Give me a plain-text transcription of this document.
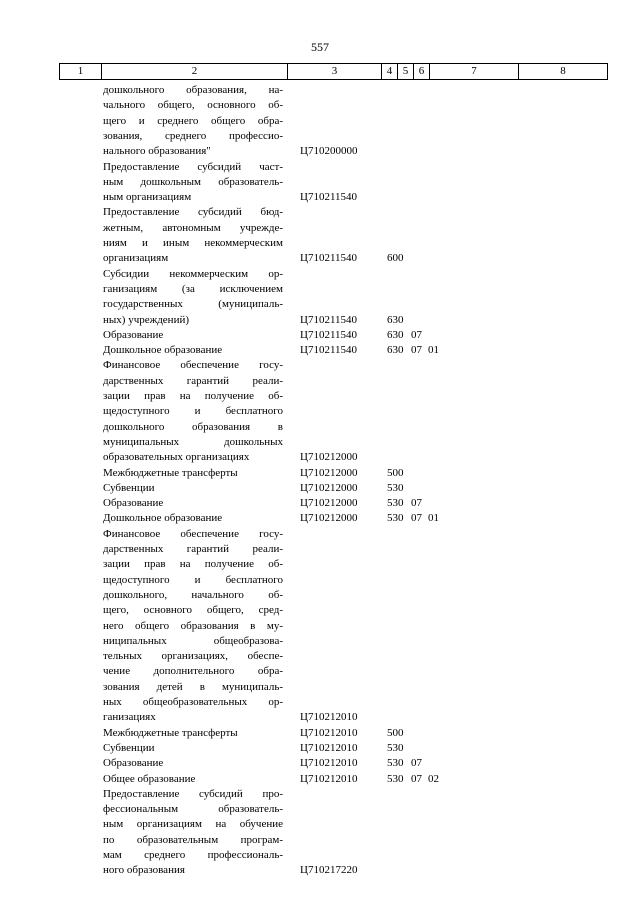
557
1	2	3	4	5	6	7	8
дошкольного образования, на-
чального общего, основного об-
щего и среднего общего обра-
зования, среднего профессио-
нального образования"	Ц710200000
Предоставление субсидий част-
ным дошкольным образователь-
ным организациям	Ц710211540
Предоставление субсидий бюд-
жетным, автономным учрежде-
ниям и иным некоммерческим
организациям	Ц710211540	600
Субсидии некоммерческим ор-
ганизациям (за исключением
государственных (муниципаль-
ных) учреждений)	Ц710211540	630
Образование	Ц710211540	630 07
Дошкольное образование	Ц710211540	630 07 01
Финансовое обеспечение госу-
дарственных гарантий реали-
зации прав на получение об-
щедоступного и бесплатного
дошкольного образования в
муниципальных дошкольных
образовательных организациях	Ц710212000
Межбюджетные трансферты	Ц710212000	500
Субвенции	Ц710212000	530
Образование	Ц710212000	530 07
Дошкольное образование	Ц710212000	530 07 01
Финансовое обеспечение госу-
дарственных гарантий реали-
зации прав на получение об-
щедоступного и бесплатного
дошкольного, начального об-
щего, основного общего, сред-
него общего образования в му-
ниципальных общеобразова-
тельных организациях, обеспе-
чение дополнительного обра-
зования детей в муниципаль-
ных общеобразовательных ор-
ганизациях	Ц710212010
Межбюджетные трансферты	Ц710212010	500
Субвенции	Ц710212010	530
Образование	Ц710212010	530 07
Общее образование	Ц710212010	530 07 02
Предоставление субсидий про-
фессиональным образователь-
ным организациям на обучение
по образовательным програм-
мам среднего профессиональ-
ного образования	Ц710217220
